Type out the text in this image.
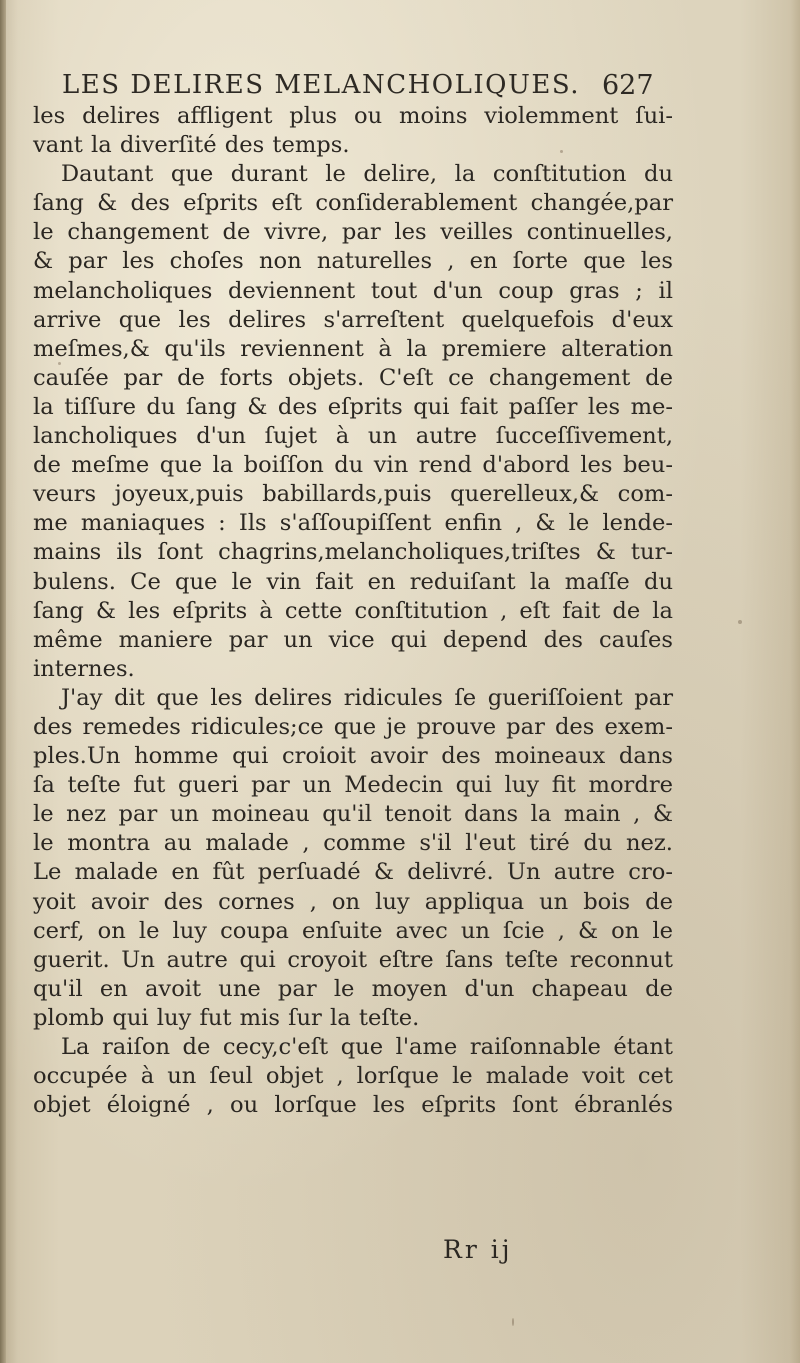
LES DELIRES MELANCHOLIQUES. 627
les delires affligent plus ou moins violemment ſui-
vant la diverſité des temps.
Dautant que durant le delire, la conſtitution du
ſang & des eſprits eſt conſiderablement changée,par
le changement de vivre, par les veilles continuelles,
& par les choſes non naturelles , en ſorte que les
melancholiques deviennent tout d'un coup gras ; il
arrive que les delires s'arreſtent quelquefois d'eux
meſmes,& qu'ils reviennent à la premiere alteration
cauſée par de forts objets. C'eſt ce changement de
la tiſſure du ſang & des eſprits qui fait paſſer les me-
lancholiques d'un ſujet à un autre ſucceſſivement,
de meſme que la boiſſon du vin rend d'abord les beu-
veurs joyeux,puis babillards,puis querelleux,& com-
me maniaques : Ils s'aſſoupiſſent enfin , & le lende-
mains ils ſont chagrins,melancholiques,triſtes & tur-
bulens. Ce que le vin fait en reduiſant la maſſe du
ſang & les eſprits à cette conſtitution , eſt fait de la
même maniere par un vice qui depend des cauſes
internes.
J'ay dit que les delires ridicules ſe gueriſſoient par
des remedes ridicules;ce que je prouve par des exem-
ples.Un homme qui croioit avoir des moineaux dans
ſa teſte fut gueri par un Medecin qui luy fit mordre
le nez par un moineau qu'il tenoit dans la main , &
le montra au malade , comme s'il l'eut tiré du nez.
Le malade en fût perſuadé & delivré. Un autre cro-
yoit avoir des cornes , on luy appliqua un bois de
cerf, on le luy coupa enſuite avec un ſcie , & on le
guerit. Un autre qui croyoit eſtre ſans teſte reconnut
qu'il en avoit une par le moyen d'un chapeau de
plomb qui luy fut mis ſur la teſte.
La raiſon de cecy,c'eſt que l'ame raiſonnable étant
occupée à un ſeul objet , lorſque le malade voit cet
objet éloigné , ou lorſque les eſprits ſont ébranlés
Rr ij
